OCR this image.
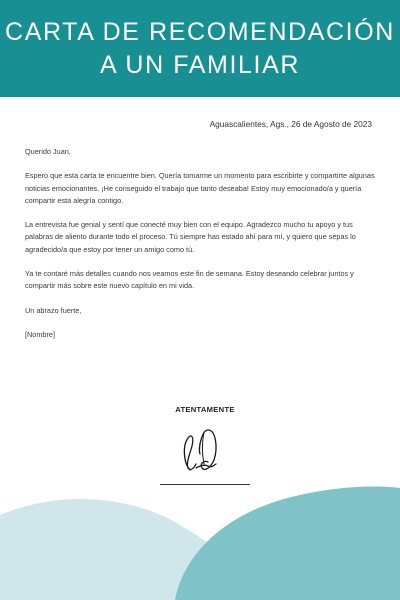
CARTA DE RECOMENDACIÓN
A UN FAMILIAR
Aguascalientes, Ags., 26 de Agosto de 2023

Querido Juan,

Espero que esta carta te encuentre bien. Quería tomarme un momento para escribirte y compartirte algunas noticias emocionantes. ¡He conseguido el trabajo que tanto deseaba! Estoy muy emocionado/a y quería compartir esta alegría contigo.

La entrevista fue genial y sentí que conecté muy bien con el equipo. Agradezco mucho tu apoyo y tus palabras de aliento durante todo el proceso. Tú siempre has estado ahí para mí, y quiero que sepas lo agradecido/a que estoy por tener un amigo como tú.

Ya te contaré más detalles cuando nos veamos este fin de semana. Estoy deseando celebrar juntos y compartir más sobre este nuevo capítulo en mi vida.

Un abrazo fuerte,

[Nombre]

ATENTAMENTE
